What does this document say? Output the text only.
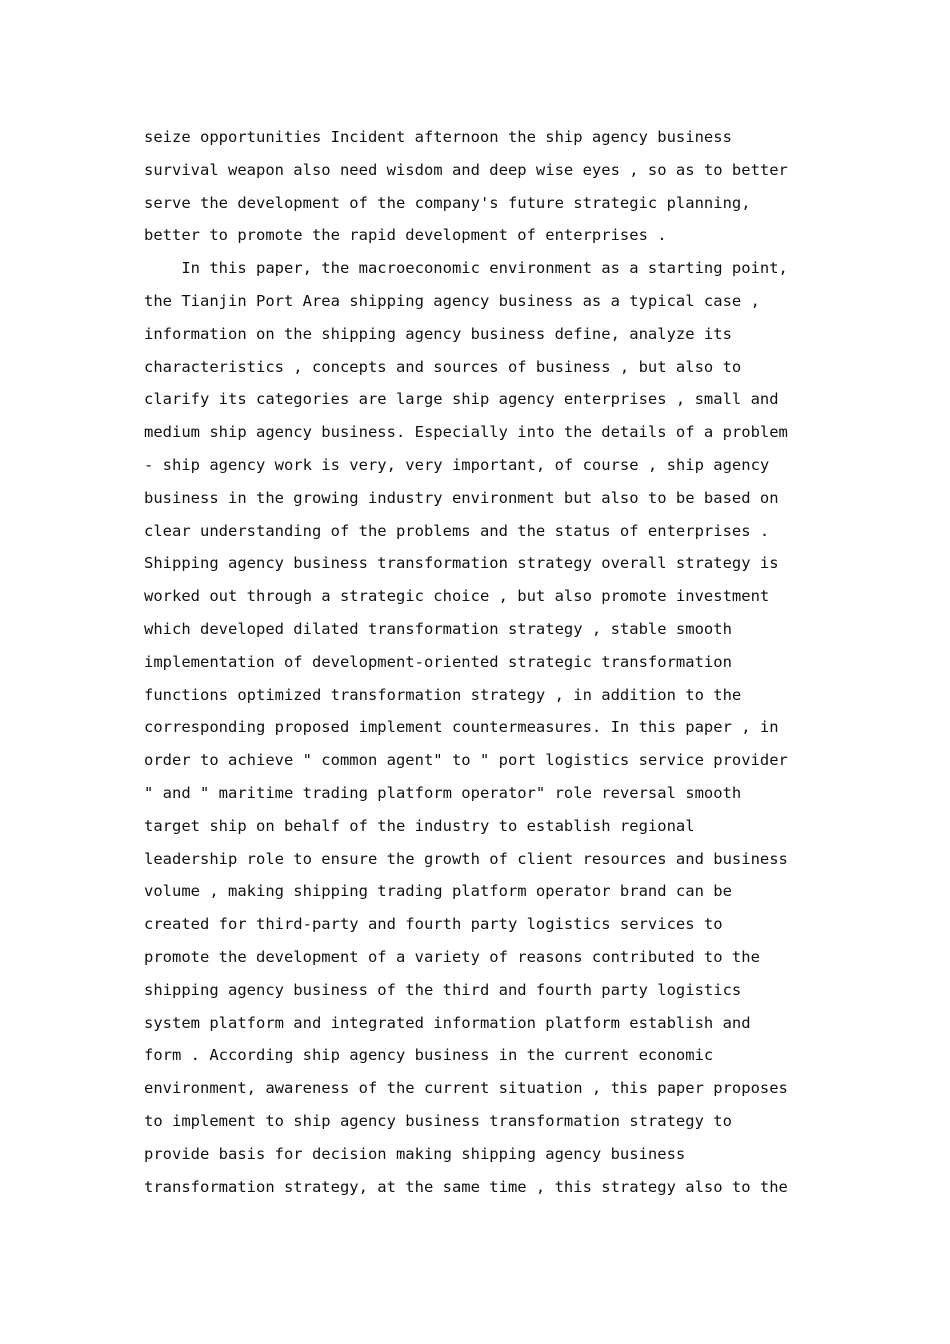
seize opportunities Incident afternoon the ship agency business
survival weapon also need wisdom and deep wise eyes , so as to better
serve the development of the company's future strategic planning,
better to promote the rapid development of enterprises .
In this paper, the macroeconomic environment as a starting point,
the Tianjin Port Area shipping agency business as a typical case ,
information on the shipping agency business define, analyze its
characteristics , concepts and sources of business , but also to
clarify its categories are large ship agency enterprises , small and
medium ship agency business. Especially into the details of a problem
- ship agency work is very, very important, of course , ship agency
business in the growing industry environment but also to be based on
clear understanding of the problems and the status of enterprises .
Shipping agency business transformation strategy overall strategy is
worked out through a strategic choice , but also promote investment
which developed dilated transformation strategy , stable smooth
implementation of development-oriented strategic transformation
functions optimized transformation strategy , in addition to the
corresponding proposed implement countermeasures. In this paper , in
order to achieve " common agent" to " port logistics service provider
" and " maritime trading platform operator" role reversal smooth
target ship on behalf of the industry to establish regional
leadership role to ensure the growth of client resources and business
volume , making shipping trading platform operator brand can be
created for third-party and fourth party logistics services to
promote the development of a variety of reasons contributed to the
shipping agency business of the third and fourth party logistics
system platform and integrated information platform establish and
form . According ship agency business in the current economic
environment, awareness of the current situation , this paper proposes
to implement to ship agency business transformation strategy to
provide basis for decision making shipping agency business
transformation strategy, at the same time , this strategy also to the
